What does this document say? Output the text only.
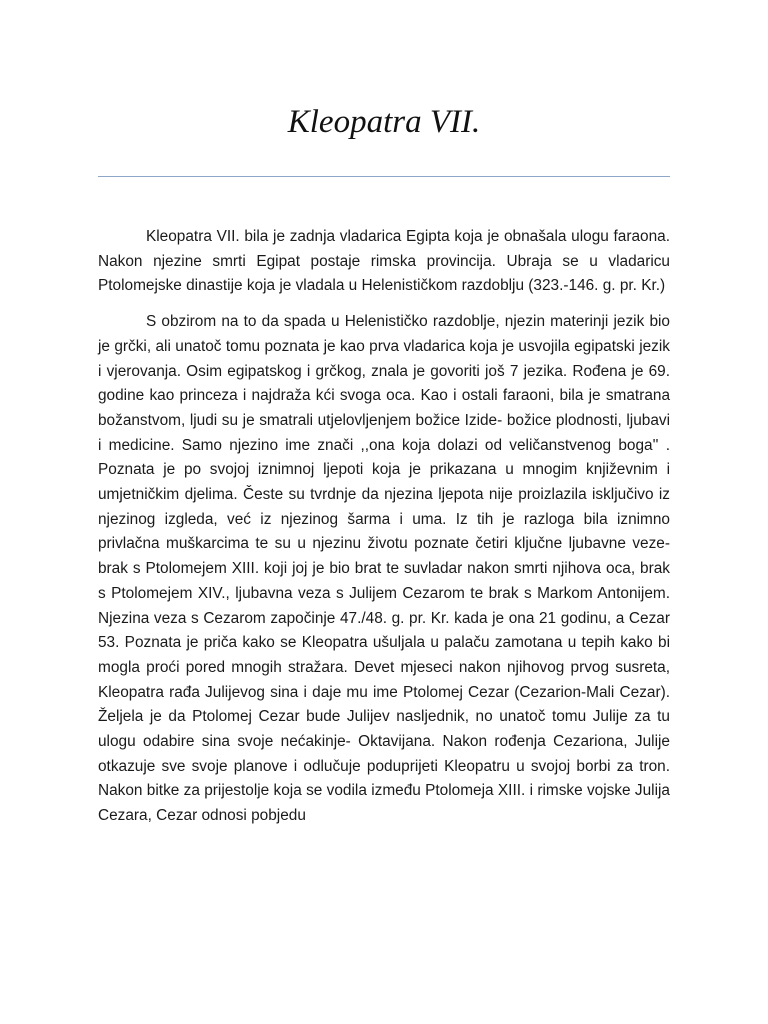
Kleopatra VII.

Kleopatra VII. bila je zadnja vladarica Egipta koja je obnašala ulogu faraona. Nakon njezine smrti Egipat postaje rimska provincija. Ubraja se u vladaricu Ptolomejske dinastije koja je vladala u Helenističkom razdoblju (323.-146. g. pr. Kr.)

S obzirom na to da spada u Helenističko razdoblje, njezin materinji jezik bio je grčki, ali unatoč tomu poznata je kao prva vladarica koja je usvojila egipatski jezik i vjerovanja. Osim egipatskog i grčkog, znala je govoriti još 7 jezika. Rođena je 69. godine kao princeza i najdraža kći svoga oca. Kao i ostali faraoni, bila je smatrana božanstvom, ljudi su je smatrali utjelovljenjem božice Izide- božice plodnosti, ljubavi i medicine. Samo njezino ime znači ,,ona koja dolazi od veličanstvenog boga'' . Poznata je po svojoj iznimnoj ljepoti koja je prikazana u mnogim književnim i umjetničkim djelima. Česte su tvrdnje da njezina ljepota nije proizlazila isključivo iz njezinog izgleda, već iz njezinog šarma i uma. Iz tih je razloga bila iznimno privlačna muškarcima te su u njezinu životu poznate četiri ključne ljubavne veze- brak s Ptolomejem XIII. koji joj je bio brat te suvladar nakon smrti njihova oca, brak s Ptolomejem XIV., ljubavna veza s Julijem Cezarom te brak s Markom Antonijem. Njezina veza s Cezarom započinje 47./48. g. pr. Kr. kada je ona 21 godinu, a Cezar 53. Poznata je priča kako se Kleopatra ušuljala u palaču zamotana u tepih kako bi mogla proći pored mnogih stražara. Devet mjeseci nakon njihovog prvog susreta, Kleopatra rađa Julijevog sina i daje mu ime Ptolomej Cezar (Cezarion-Mali Cezar). Željela je da Ptolomej Cezar bude Julijev nasljednik, no unatoč tomu Julije za tu ulogu odabire sina svoje nećakinje- Oktavijana. Nakon rođenja Cezariona, Julije otkazuje sve svoje planove i odlučuje poduprijeti Kleopatru u svojoj borbi za tron. Nakon bitke za prijestolje koja se vodila između Ptolomeja XIII. i rimske vojske Julija Cezara, Cezar odnosi pobjedu
